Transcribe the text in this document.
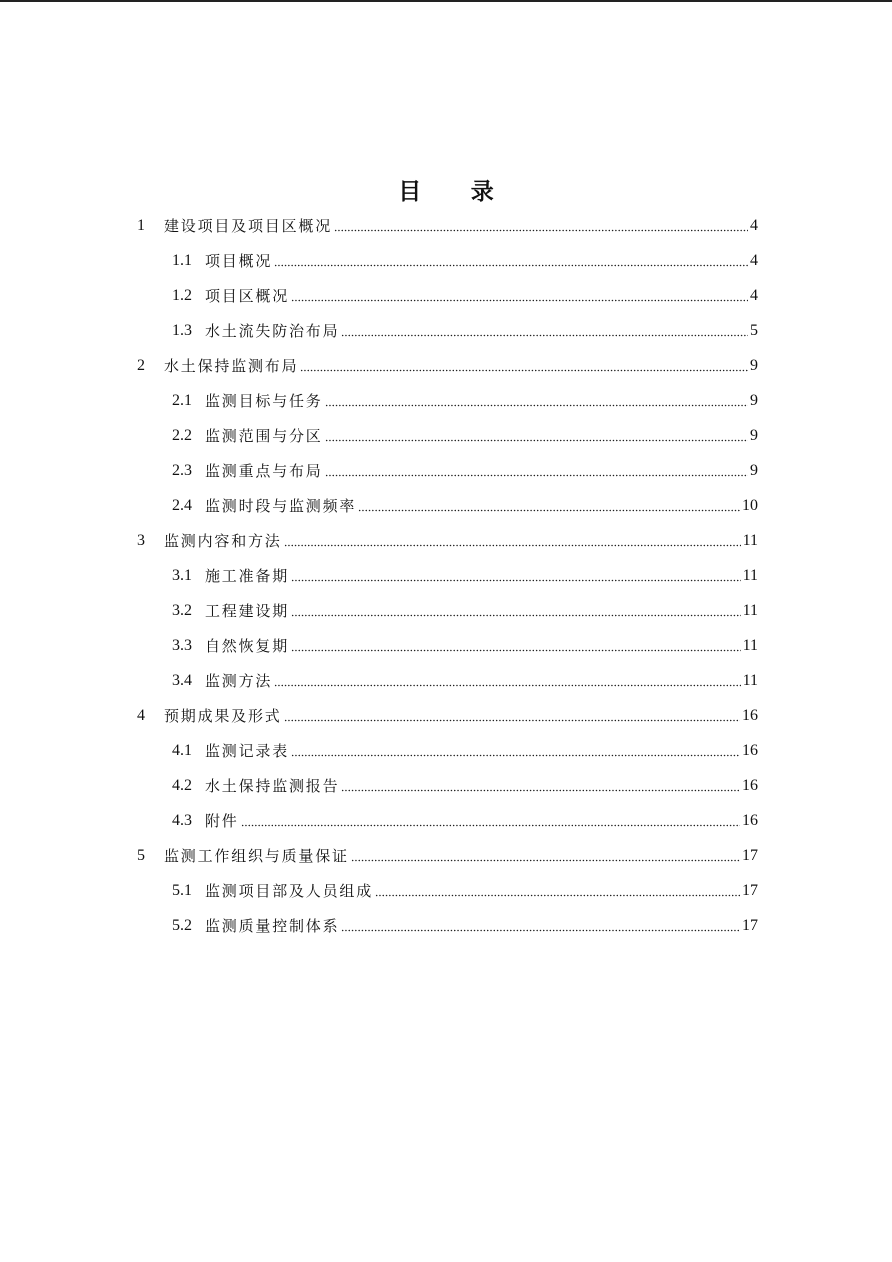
目 录
1	建设项目及项目区概况	4
1.1 项目概况	4
1.2 项目区概况	4
1.3 水土流失防治布局	5
2	水土保持监测布局	9
2.1 监测目标与任务	9
2.2 监测范围与分区	9
2.3 监测重点与布局	9
2.4 监测时段与监测频率	10
3	监测内容和方法	11
3.1 施工准备期	11
3.2 工程建设期	11
3.3 自然恢复期	11
3.4 监测方法	11
4	预期成果及形式	16
4.1 监测记录表	16
4.2 水土保持监测报告	16
4.3 附件	16
5	监测工作组织与质量保证	17
5.1 监测项目部及人员组成	17
5.2 监测质量控制体系	17
